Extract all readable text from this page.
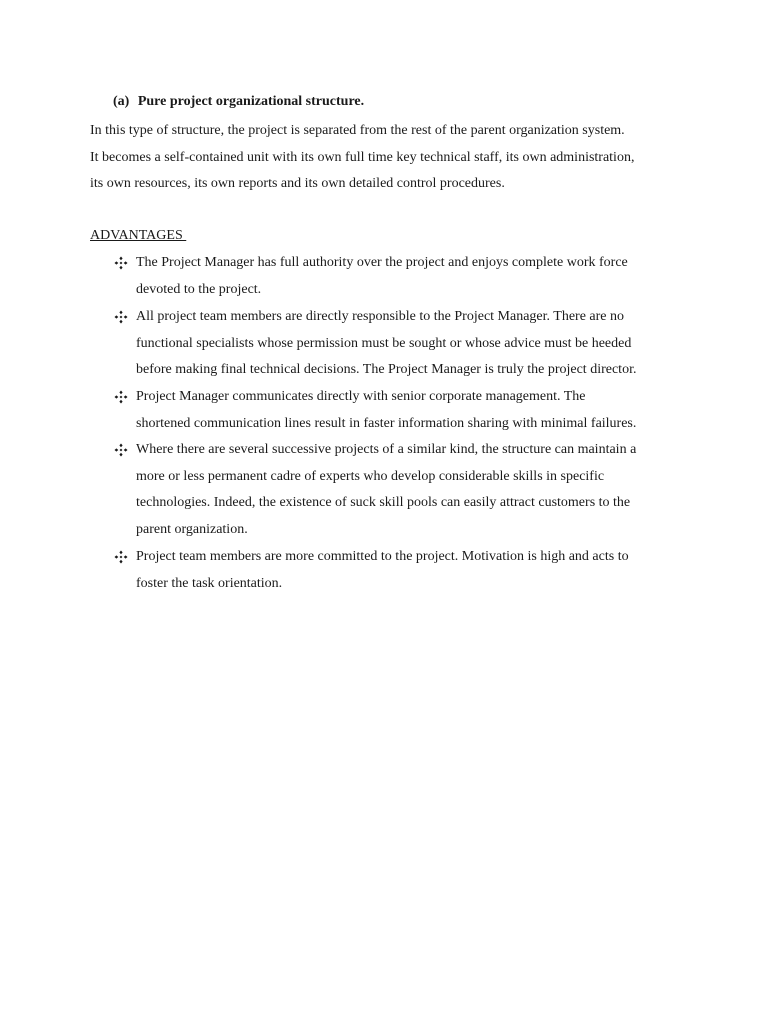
(a) Pure project organizational structure.
In this type of structure, the project is separated from the rest of the parent organization system.
It becomes a self-contained unit with its own full time key technical staff, its own administration,
its own resources, its own reports and its own detailed control procedures.
ADVANTAGES
The Project Manager has full authority over the project and enjoys complete work force
devoted to the project.
All project team members are directly responsible to the Project Manager. There are no
functional specialists whose permission must be sought or whose advice must be heeded
before making final technical decisions. The Project Manager is truly the project director.
Project Manager communicates directly with senior corporate management. The
shortened communication lines result in faster information sharing with minimal failures.
Where there are several successive projects of a similar kind, the structure can maintain a
more or less permanent cadre of experts who develop considerable skills in specific
technologies. Indeed, the existence of suck skill pools can easily attract customers to the
parent organization.
Project team members are more committed to the project. Motivation is high and acts to
foster the task orientation.
